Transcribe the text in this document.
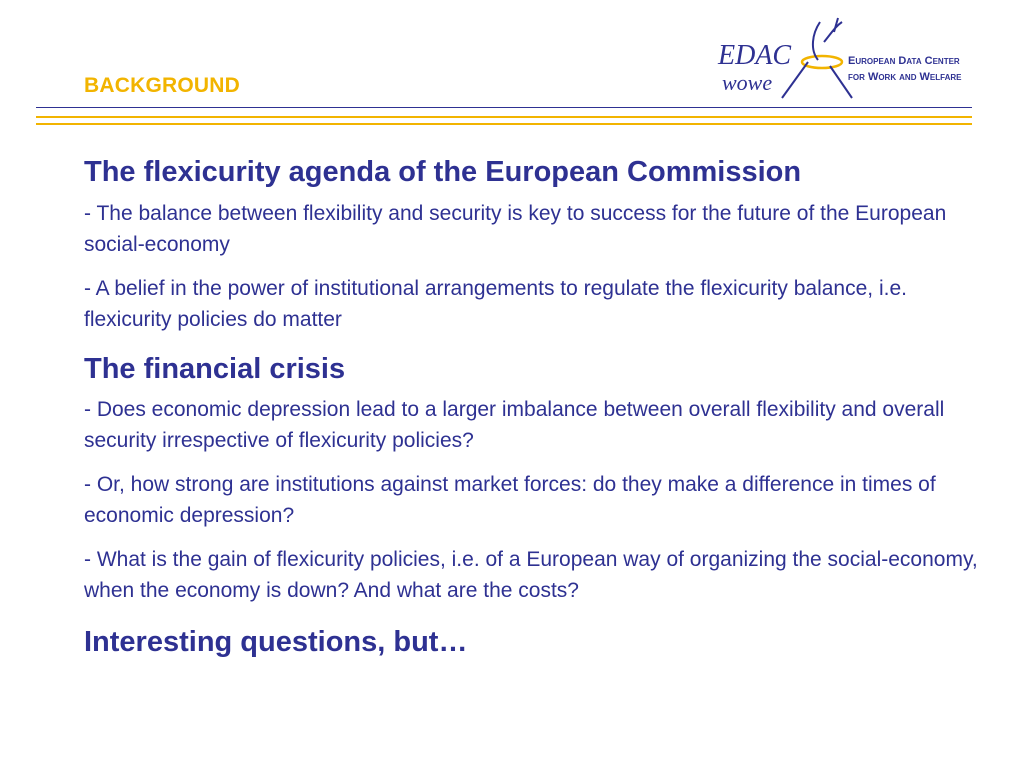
BACKGROUND
EDAC
wowe
European Data Center
for Work and Welfare
The flexicurity agenda of the European Commission

- The balance between flexibility and security is key to success for the future of the European social-economy

- A belief in the power of institutional arrangements to regulate the flexicurity balance, i.e. flexicurity policies do matter

The financial crisis

- Does economic depression lead to a larger imbalance between overall flexibility and overall security irrespective of flexicurity policies?

- Or, how strong are institutions against market forces: do they make a difference in times of economic depression?

- What is the gain of flexicurity policies, i.e. of a European way of organizing the social-economy, when the economy is down? And what are the costs?

Interesting questions, but…
